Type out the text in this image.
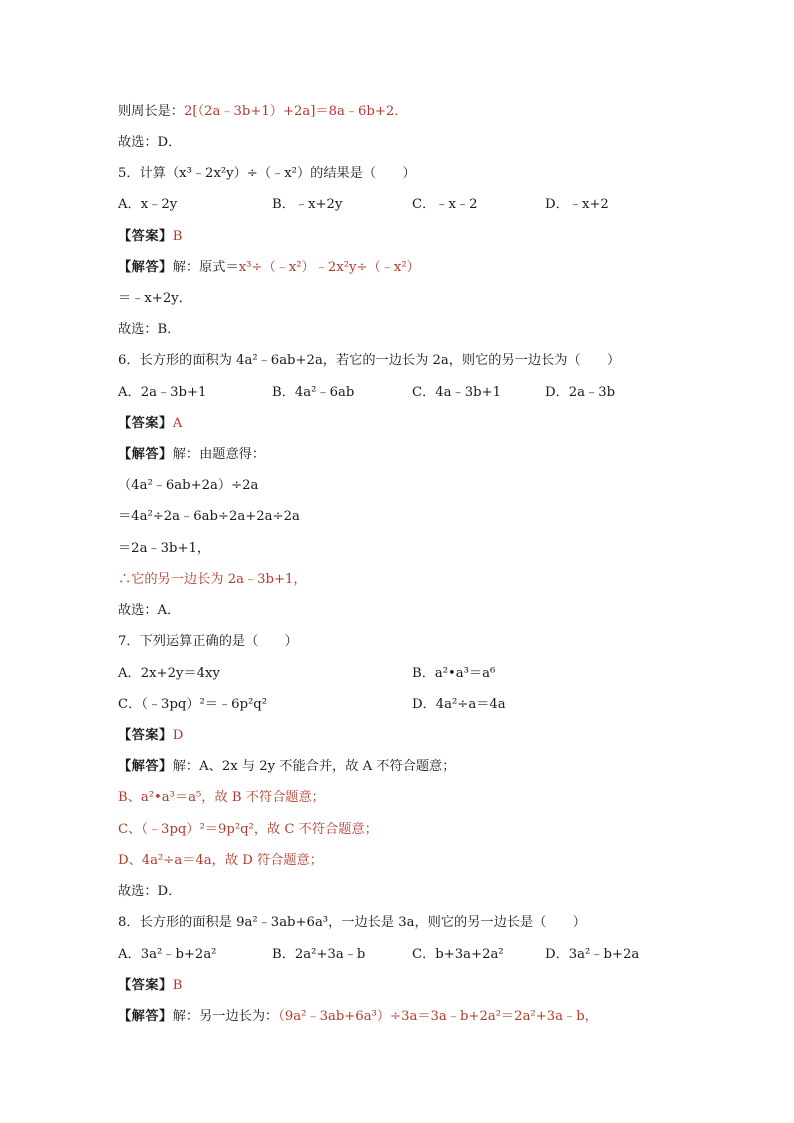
则周长是：2[（2a﹣3b+1）+2a]＝8a﹣6b+2．
故选：D．
5．计算（x³﹣2x²y）÷（﹣x²）的结果是（　　）
A．x﹣2y	B．﹣x+2y	C．﹣x﹣2	D．﹣x+2
【答案】B
【解答】解：原式＝x³÷（﹣x²）﹣2x²y÷（﹣x²）
＝﹣x+2y．
故选：B．
6．长方形的面积为 4a²﹣6ab+2a，若它的一边长为 2a，则它的另一边长为（　　）
A．2a﹣3b+1	B．4a²﹣6ab	C．4a﹣3b+1	D．2a﹣3b
【答案】A
【解答】解：由题意得：
（4a²﹣6ab+2a）÷2a
＝4a²÷2a﹣6ab÷2a+2a÷2a
＝2a﹣3b+1，
∴它的另一边长为 2a﹣3b+1，
故选：A．
7．下列运算正确的是（　　）
A．2x+2y＝4xy	B．a²•a³＝a⁶
C．（﹣3pq）²＝﹣6p²q²	D．4a²÷a＝4a
【答案】D
【解答】解：A、2x 与 2y 不能合并，故 A 不符合题意；
B、a²•a³＝a⁵，故 B 不符合题意；
C、（﹣3pq）²＝9p²q²，故 C 不符合题意；
D、4a²÷a＝4a，故 D 符合题意；
故选：D．
8．长方形的面积是 9a²﹣3ab+6a³，一边长是 3a，则它的另一边长是（　　）
A．3a²﹣b+2a²	B．2a²+3a﹣b	C．b+3a+2a²	D．3a²﹣b+2a
【答案】B
【解答】解：另一边长为：（9a²﹣3ab+6a³）÷3a＝3a﹣b+2a²＝2a²+3a﹣b，
